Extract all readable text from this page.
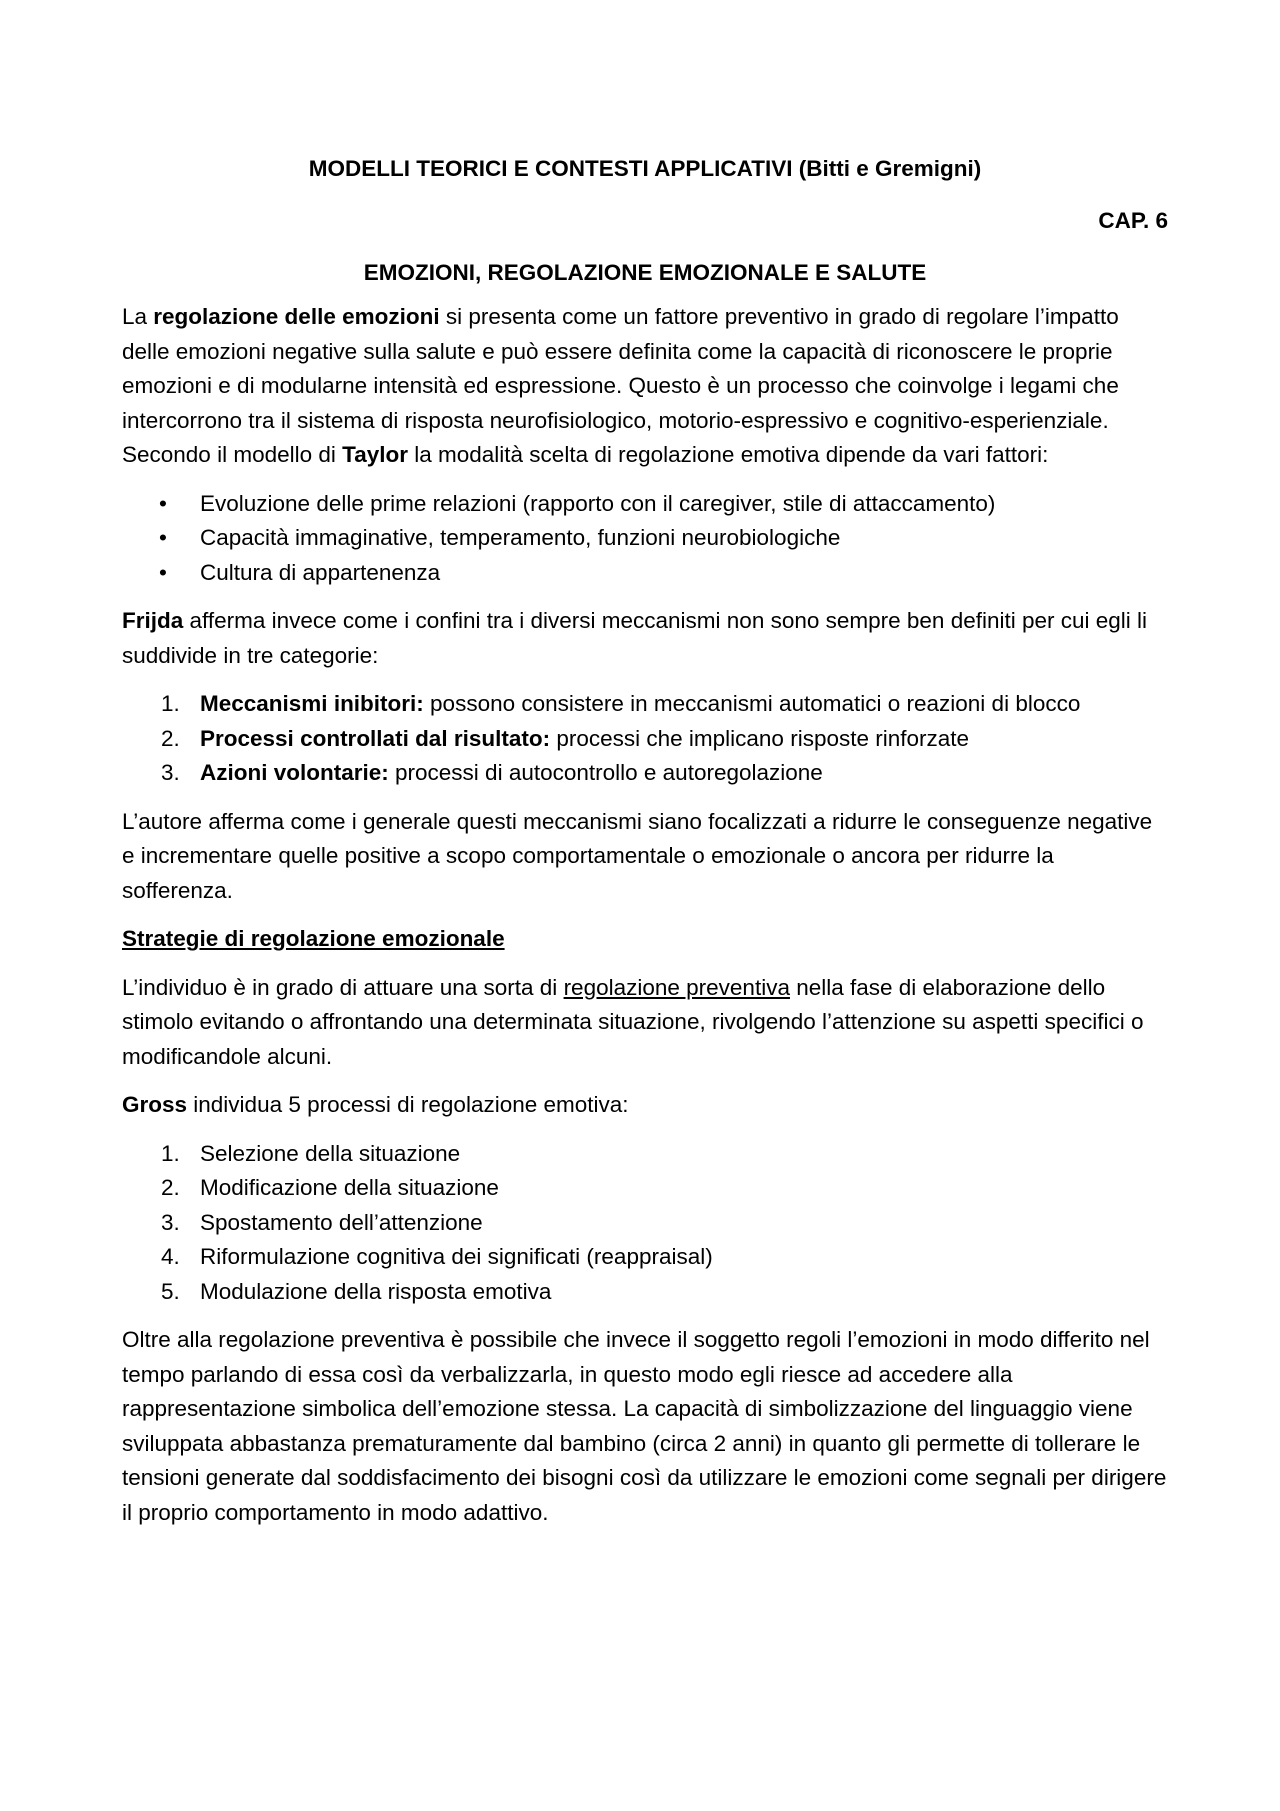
MODELLI TEORICI E CONTESTI APPLICATIVI (Bitti e Gremigni)

CAP. 6

EMOZIONI, REGOLAZIONE EMOZIONALE E SALUTE

La regolazione delle emozioni si presenta come un fattore preventivo in grado di regolare l’impatto delle emozioni negative sulla salute e può essere definita come la capacità di riconoscere le proprie emozioni e di modularne intensità ed espressione. Questo è un processo che coinvolge i legami che intercorrono tra il sistema di risposta neurofisiologico, motorio-espressivo e cognitivo-esperienziale. Secondo il modello di Taylor la modalità scelta di regolazione emotiva dipende da vari fattori:

• Evoluzione delle prime relazioni (rapporto con il caregiver, stile di attaccamento)
• Capacità immaginative, temperamento, funzioni neurobiologiche
• Cultura di appartenenza

Frijda afferma invece come i confini tra i diversi meccanismi non sono sempre ben definiti per cui egli li suddivide in tre categorie:

1. Meccanismi inibitori: possono consistere in meccanismi automatici o reazioni di blocco
2. Processi controllati dal risultato: processi che implicano risposte rinforzate
3. Azioni volontarie: processi di autocontrollo e autoregolazione

L’autore afferma come i generale questi meccanismi siano focalizzati a ridurre le conseguenze negative e incrementare quelle positive a scopo comportamentale o emozionale o ancora per ridurre la sofferenza.

Strategie di regolazione emozionale

L’individuo è in grado di attuare una sorta di regolazione preventiva nella fase di elaborazione dello stimolo evitando o affrontando una determinata situazione, rivolgendo l’attenzione su aspetti specifici o modificandole alcuni.

Gross individua 5 processi di regolazione emotiva:

1. Selezione della situazione
2. Modificazione della situazione
3. Spostamento dell’attenzione
4. Riformulazione cognitiva dei significati (reappraisal)
5. Modulazione della risposta emotiva

Oltre alla regolazione preventiva è possibile che invece il soggetto regoli l’emozioni in modo differito nel tempo parlando di essa così da verbalizzarla, in questo modo egli riesce ad accedere alla rappresentazione simbolica dell’emozione stessa. La capacità di simbolizzazione del linguaggio viene sviluppata abbastanza prematuramente dal bambino (circa 2 anni) in quanto gli permette di tollerare le tensioni generate dal soddisfacimento dei bisogni così da utilizzare le emozioni come segnali per dirigere il proprio comportamento in modo adattivo.
